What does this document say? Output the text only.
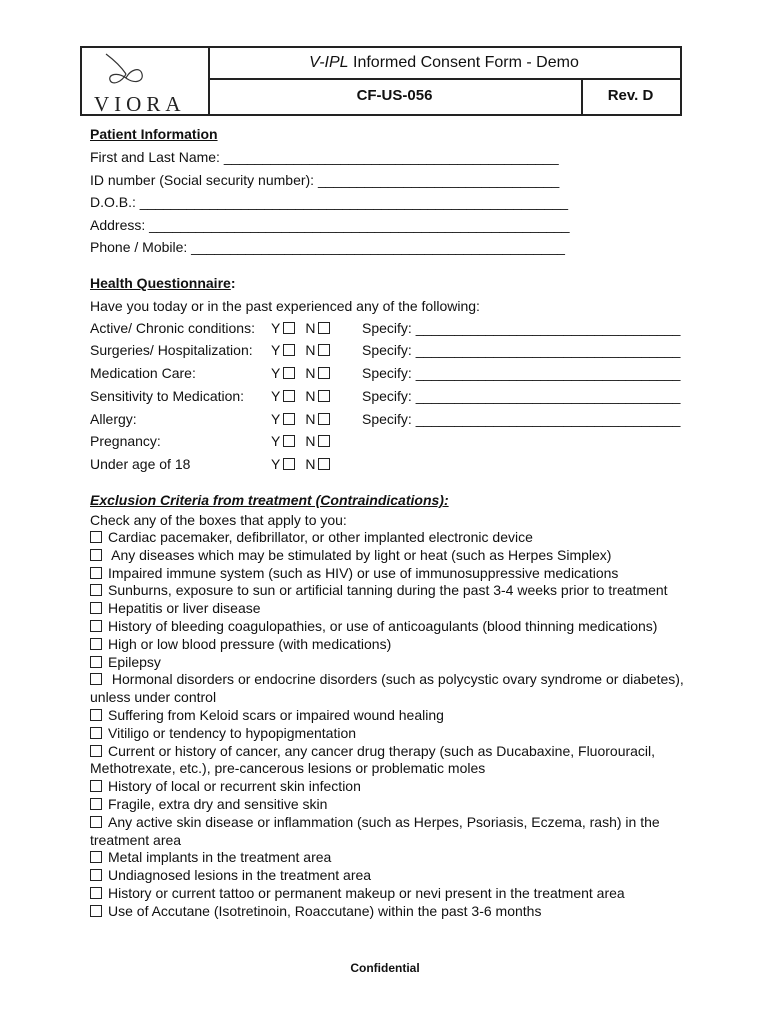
VIORA
V-IPL Informed Consent Form - Demo
CF-US-056	Rev. D
Patient Information
First and Last Name: ___________________________________________
ID number (Social security number): _______________________________
D.O.B.: _______________________________________________________
Address: ______________________________________________________
Phone / Mobile: ________________________________________________
Health Questionnaire:
Have you today or in the past experienced any of the following:
Active/ Chronic conditions: Y N	Specify: __________________________________
Surgeries/ Hospitalization: Y N	Specify: __________________________________
Medication Care:	Y N	Specify: __________________________________
Sensitivity to Medication: Y N	Specify: __________________________________
Allergy:	Y N	Specify: __________________________________
Pregnancy:	Y N
Under age of 18	Y N
Exclusion Criteria from treatment (Contraindications):
Check any of the boxes that apply to you:

Cardiac pacemaker, defibrillator, or other implanted electronic device

Any diseases which may be stimulated by light or heat (such as Herpes Simplex)

Impaired immune system (such as HIV) or use of immunosuppressive medications

Sunburns, exposure to sun or artificial tanning during the past 3-4 weeks prior to treatment

Hepatitis or liver disease

History of bleeding coagulopathies, or use of anticoagulants (blood thinning medications)

High or low blood pressure (with medications)

Epilepsy

Hormonal disorders or endocrine disorders (such as polycystic ovary syndrome or diabetes), unless under control

Suffering from Keloid scars or impaired wound healing

Vitiligo or tendency to hypopigmentation

Current or history of cancer, any cancer drug therapy (such as Ducabaxine, Fluorouracil, Methotrexate, etc.), pre-cancerous lesions or problematic moles

History of local or recurrent skin infection

Fragile, extra dry and sensitive skin

Any active skin disease or inflammation (such as Herpes, Psoriasis, Eczema, rash) in the treatment area

Metal implants in the treatment area

Undiagnosed lesions in the treatment area

History or current tattoo or permanent makeup or nevi present in the treatment area

Use of Accutane (Isotretinoin, Roaccutane) within the past 3-6 months

Confidential
